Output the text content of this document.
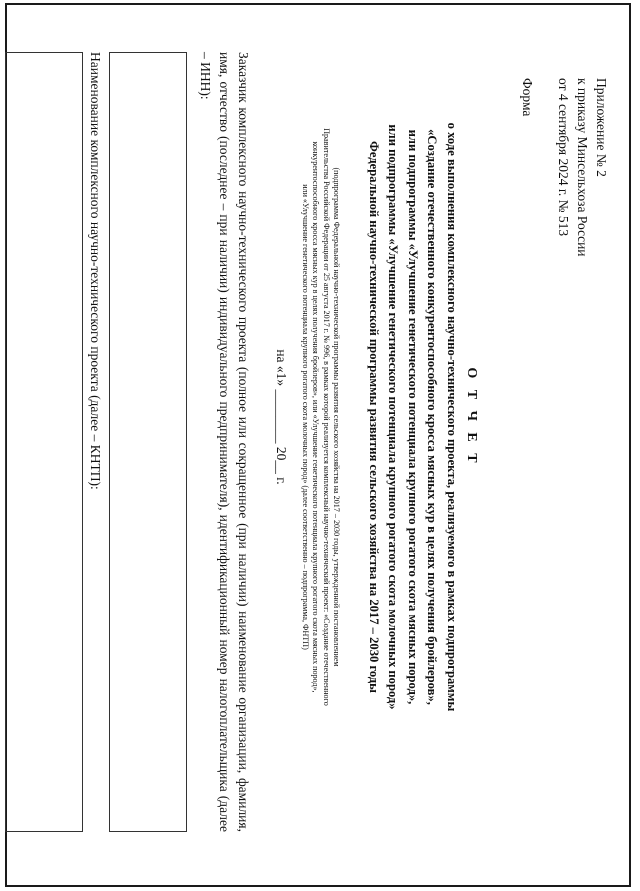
Приложение № 2
к приказу Минсельхоза России
от 4 сентября 2024 г. № 513
Форма
О Т Ч Е Т
о ходе выполнения комплексного научно-технического проекта, реализуемого в рамках подпрограммы
«Создание отечественного конкурентоспособного кросса мясных кур в целях получения бройлеров»,
или подпрограммы «Улучшение генетического потенциала крупного рогатого скота мясных пород»,
или подпрограммы «Улучшение генетического потенциала крупного рогатого скота молочных пород»
Федеральной научно-технической программы развития сельского хозяйства на 2017 – 2030 годы
(подпрограмма Федеральной научно-технической программы развития сельского хозяйства на 2017 – 2030 годы, утвержденной постановлением
Правительства Российской Федерации от 25 августа 2017 г. № 996, в рамках которой реализуется комплексный научно-технический проект: «Создание отечественного
конкурентоспособного кросса мясных кур в целях получения бройлеров», или «Улучшение генетического потенциала крупного рогатого скота мясных пород»,
или «Улучшение генетического потенциала крупного рогатого скота молочных пород» (далее соответственно – подпрограмма, ФНТП)
на «1» ________ 20__ г.
Заказчик комплексного научно-технического проекта (полное или сокращенное (при наличии) наименование организации, фамилия, имя, отчество (последнее – при наличии) индивидуального предпринимателя), идентификационный номер налогоплательщика (далее – ИНН):
Наименование комплексного научно-технического проекта (далее – КНТП):
